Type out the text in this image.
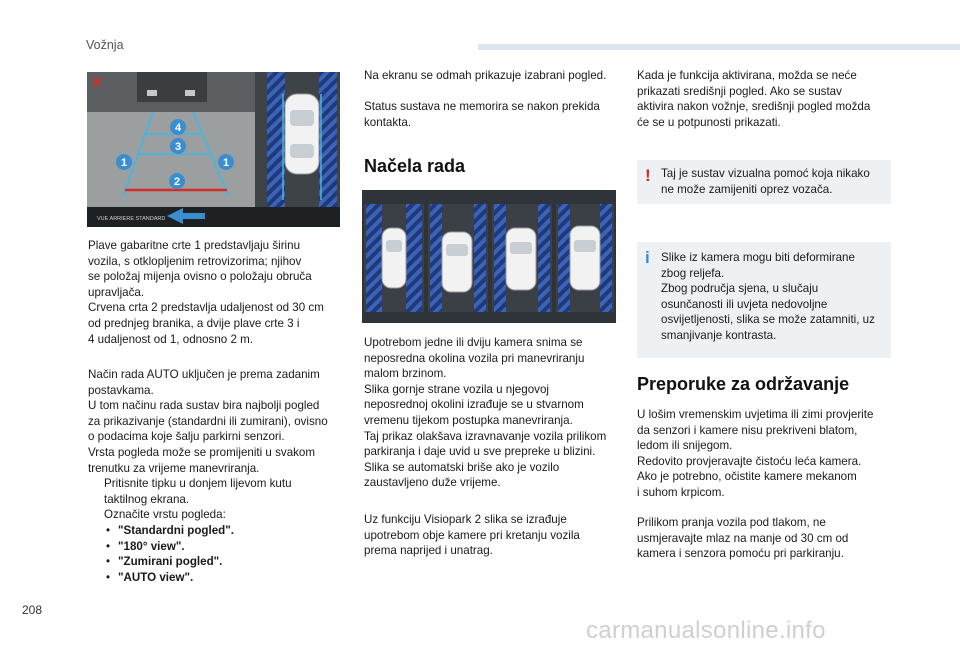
Vožnja
VUE ARRIERE STANDARD
4
3
1	1
2

Plave gabaritne crte 1 predstavljaju širinu

vozila, s otklopljenim retrovizorima; njihov

se položaj mijenja ovisno o položaju obruča

upravljača.

Crvena crta 2 predstavlja udaljenost od 30 cm

od prednjeg branika, a dvije plave crte 3 i

4 udaljenost od 1, odnosno 2 m.

Način rada AUTO uključen je prema zadanim

postavkama.

U tom načinu rada sustav bira najbolji pogled

za prikazivanje (standardni ili zumirani), ovisno

o podacima koje šalju parkirni senzori.

Vrsta pogleda može se promijeniti u svakom

trenutku za vrijeme manevriranja.

Pritisnite tipku u donjem lijevom kutu

taktilnog ekrana.

Označite vrstu pogleda:

• "Standardni pogled".
• "180° view".
• "Zumirani pogled".
• "AUTO view".

Na ekranu se odmah prikazuje izabrani pogled.

Status sustava ne memorira se nakon prekida

kontakta.

Načela rada

Upotrebom jedne ili dviju kamera snima se

neposredna okolina vozila pri manevriranju

malom brzinom.

Slika gornje strane vozila u njegovoj

neposrednoj okolini izrađuje se u stvarnom

vremenu tijekom postupka manevriranja.

Taj prikaz olakšava izravnavanje vozila prilikom

parkiranja i daje uvid u sve prepreke u blizini.

Slika se automatski briše ako je vozilo

zaustavljeno duže vrijeme.

Uz funkciju Visiopark 2 slika se izrađuje

upotrebom obje kamere pri kretanju vozila

prema naprijed i unatrag.

Kada je funkcija aktivirana, možda se neće

prikazati središnji pogled. Ako se sustav

aktivira nakon vožnje, središnji pogled možda

će se u potpunosti prikazati.

! Taj je sustav vizualna pomoć koja nikako

ne može zamijeniti oprez vozača.

i Slike iz kamera mogu biti deformirane

zbog reljefa.

Zbog područja sjena, u slučaju

osunčanosti ili uvjeta nedovoljne

osvijetljenosti, slika se može zatamniti, uz

smanjivanje kontrasta.

Preporuke za održavanje

U lošim vremenskim uvjetima ili zimi provjerite

da senzori i kamere nisu prekriveni blatom,

ledom ili snijegom.

Redovito provjeravajte čistoću leća kamera.

Ako je potrebno, očistite kamere mekanom

i suhom krpicom.

Prilikom pranja vozila pod tlakom, ne

usmjeravajte mlaz na manje od 30 cm od

kamera i senzora pomoću pri parkiranju.

208
carmanualsonline.info
